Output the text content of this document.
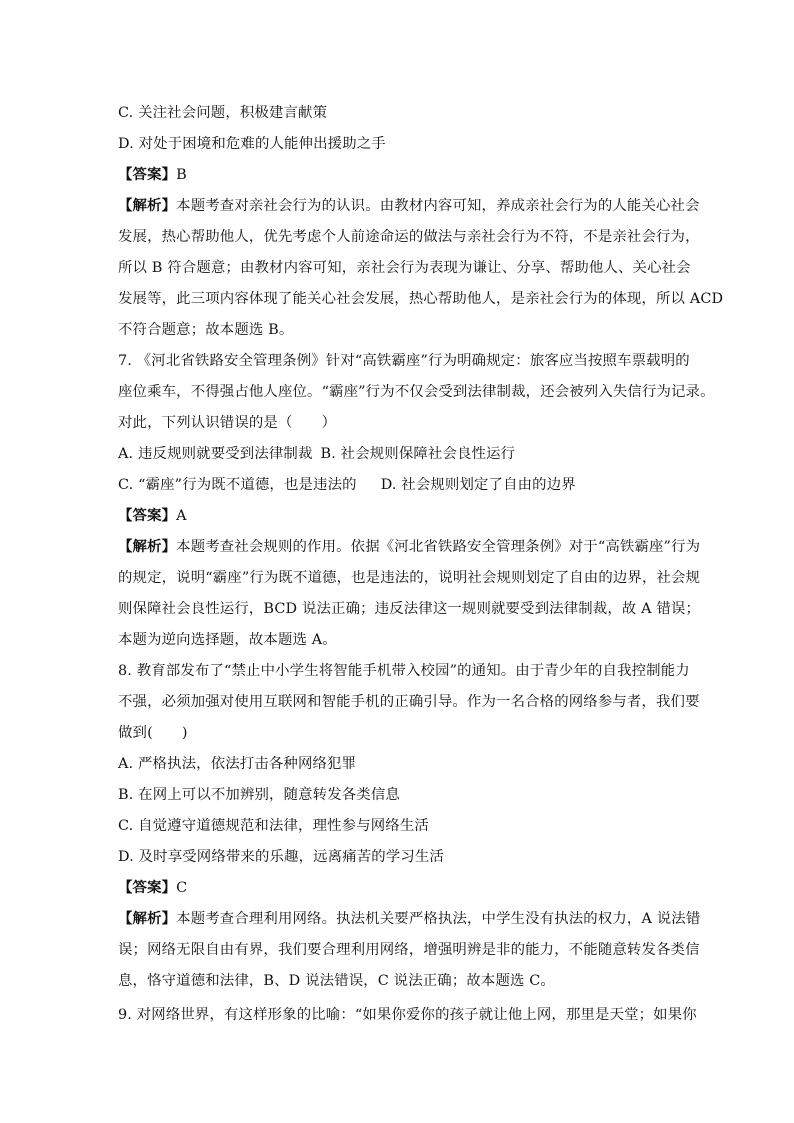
C. 关注社会问题，积极建言献策
D. 对处于困境和危难的人能伸出援助之手
【答案】B
【解析】本题考查对亲社会行为的认识。由教材内容可知，养成亲社会行为的人能关心社会
发展，热心帮助他人，优先考虑个人前途命运的做法与亲社会行为不符，不是亲社会行为，
所以 B 符合题意；由教材内容可知，亲社会行为表现为谦让、分享、帮助他人、关心社会
发展等，此三项内容体现了能关心社会发展，热心帮助他人，是亲社会行为的体现，所以 ACD
不符合题意；故本题选 B。
7. 《河北省铁路安全管理条例》针对“高铁霸座”行为明确规定：旅客应当按照车票载明的
座位乘车，不得强占他人座位。“霸座”行为不仅会受到法律制裁，还会被列入失信行为记录。
对此，下列认识错误的是（　　）
A. 违反规则就要受到法律制裁 B. 社会规则保障社会良性运行
C. “霸座”行为既不道德，也是违法的 D. 社会规则划定了自由的边界
【答案】A
【解析】本题考查社会规则的作用。依据《河北省铁路安全管理条例》对于“高铁霸座”行为
的规定，说明“霸座”行为既不道德，也是违法的，说明社会规则划定了自由的边界，社会规
则保障社会良性运行，BCD 说法正确；违反法律这一规则就要受到法律制裁，故 A 错误；
本题为逆向选择题，故本题选 A。
8. 教育部发布了“禁止中小学生将智能手机带入校园”的通知。由于青少年的自我控制能力
不强，必须加强对使用互联网和智能手机的正确引导。作为一名合格的网络参与者，我们要
做到(　　)
A. 严格执法，依法打击各种网络犯罪
B. 在网上可以不加辨别，随意转发各类信息
C. 自觉遵守道德规范和法律，理性参与网络生活
D. 及时享受网络带来的乐趣，远离痛苦的学习生活
【答案】C
【解析】本题考查合理利用网络。执法机关要严格执法，中学生没有执法的权力，A 说法错
误；网络无限自由有界，我们要合理利用网络，增强明辨是非的能力，不能随意转发各类信
息，恪守道德和法律，B、D 说法错误，C 说法正确；故本题选 C。
9. 对网络世界，有这样形象的比喻：“如果你爱你的孩子就让他上网，那里是天堂；如果你
